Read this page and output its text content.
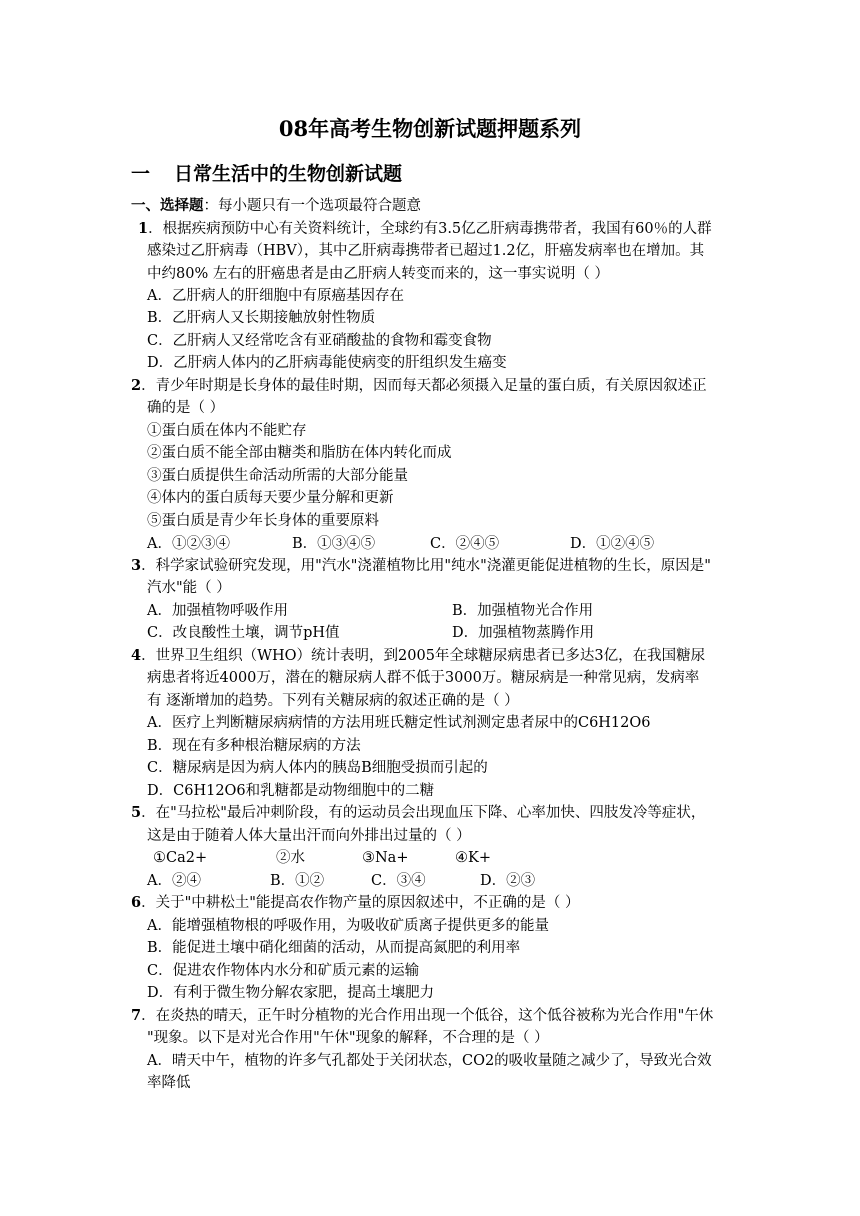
08年高考生物创新试题押题系列
一 日常生活中的生物创新试题
一、选择题：每小题只有一个选项最符合题意
1．根据疾病预防中心有关资料统计，全球约有3.5亿乙肝病毒携带者，我国有60％的人群
感染过乙肝病毒（HBV），其中乙肝病毒携带者已超过1.2亿，肝癌发病率也在增加。其
中约80% 左右的肝癌患者是由乙肝病人转变而来的，这一事实说明（ ）
A．乙肝病人的肝细胞中有原癌基因存在
B．乙肝病人又长期接触放射性物质
C．乙肝病人又经常吃含有亚硝酸盐的食物和霉变食物
D．乙肝病人体内的乙肝病毒能使病变的肝组织发生癌变
2．青少年时期是长身体的最佳时期，因而每天都必须摄入足量的蛋白质，有关原因叙述正
确的是（ ）
①蛋白质在体内不能贮存
②蛋白质不能全部由糖类和脂肪在体内转化而成
③蛋白质提供生命活动所需的大部分能量
④体内的蛋白质每天要少量分解和更新
⑤蛋白质是青少年长身体的重要原料
A．①②③④	B．①③④⑤	C．②④⑤	D．①②④⑤
3．科学家试验研究发现，用"汽水"浇灌植物比用"纯水"浇灌更能促进植物的生长，原因是"
汽水"能（ ）
A．加强植物呼吸作用	B．加强植物光合作用
C．改良酸性土壤，调节pH值	D．加强植物蒸腾作用
4．世界卫生组织（WHO）统计表明，到2005年全球糖尿病患者已多达3亿，在我国糖尿
病患者将近4000万，潜在的糖尿病人群不低于3000万。糖尿病是一种常见病，发病率
有 逐渐增加的趋势。下列有关糖尿病的叙述正确的是（ ）
A．医疗上判断糖尿病病情的方法用班氏糖定性试剂测定患者尿中的C6H12O6
B．现在有多种根治糖尿病的方法
C．糖尿病是因为病人体内的胰岛B细胞受损而引起的
D．C6H12O6和乳糖都是动物细胞中的二糖
5．在"马拉松"最后冲刺阶段，有的运动员会出现血压下降、心率加快、四肢发冷等症状，
这是由于随着人体大量出汗而向外排出过量的（ ）
①Ca2+	②水	③Na+	④K+
A．②④	B．①②	C．③④	D．②③
6．关于"中耕松土"能提高农作物产量的原因叙述中，不正确的是（ ）
A．能增强植物根的呼吸作用，为吸收矿质离子提供更多的能量
B．能促进土壤中硝化细菌的活动，从而提高氮肥的利用率
C．促进农作物体内水分和矿质元素的运输
D．有利于微生物分解农家肥，提高土壤肥力
7．在炎热的晴天，正午时分植物的光合作用出现一个低谷，这个低谷被称为光合作用"午休
"现象。以下是对光合作用"午休"现象的解释，不合理的是（ ）
A．晴天中午，植物的许多气孔都处于关闭状态，CO2的吸收量随之减少了，导致光合效
率降低
